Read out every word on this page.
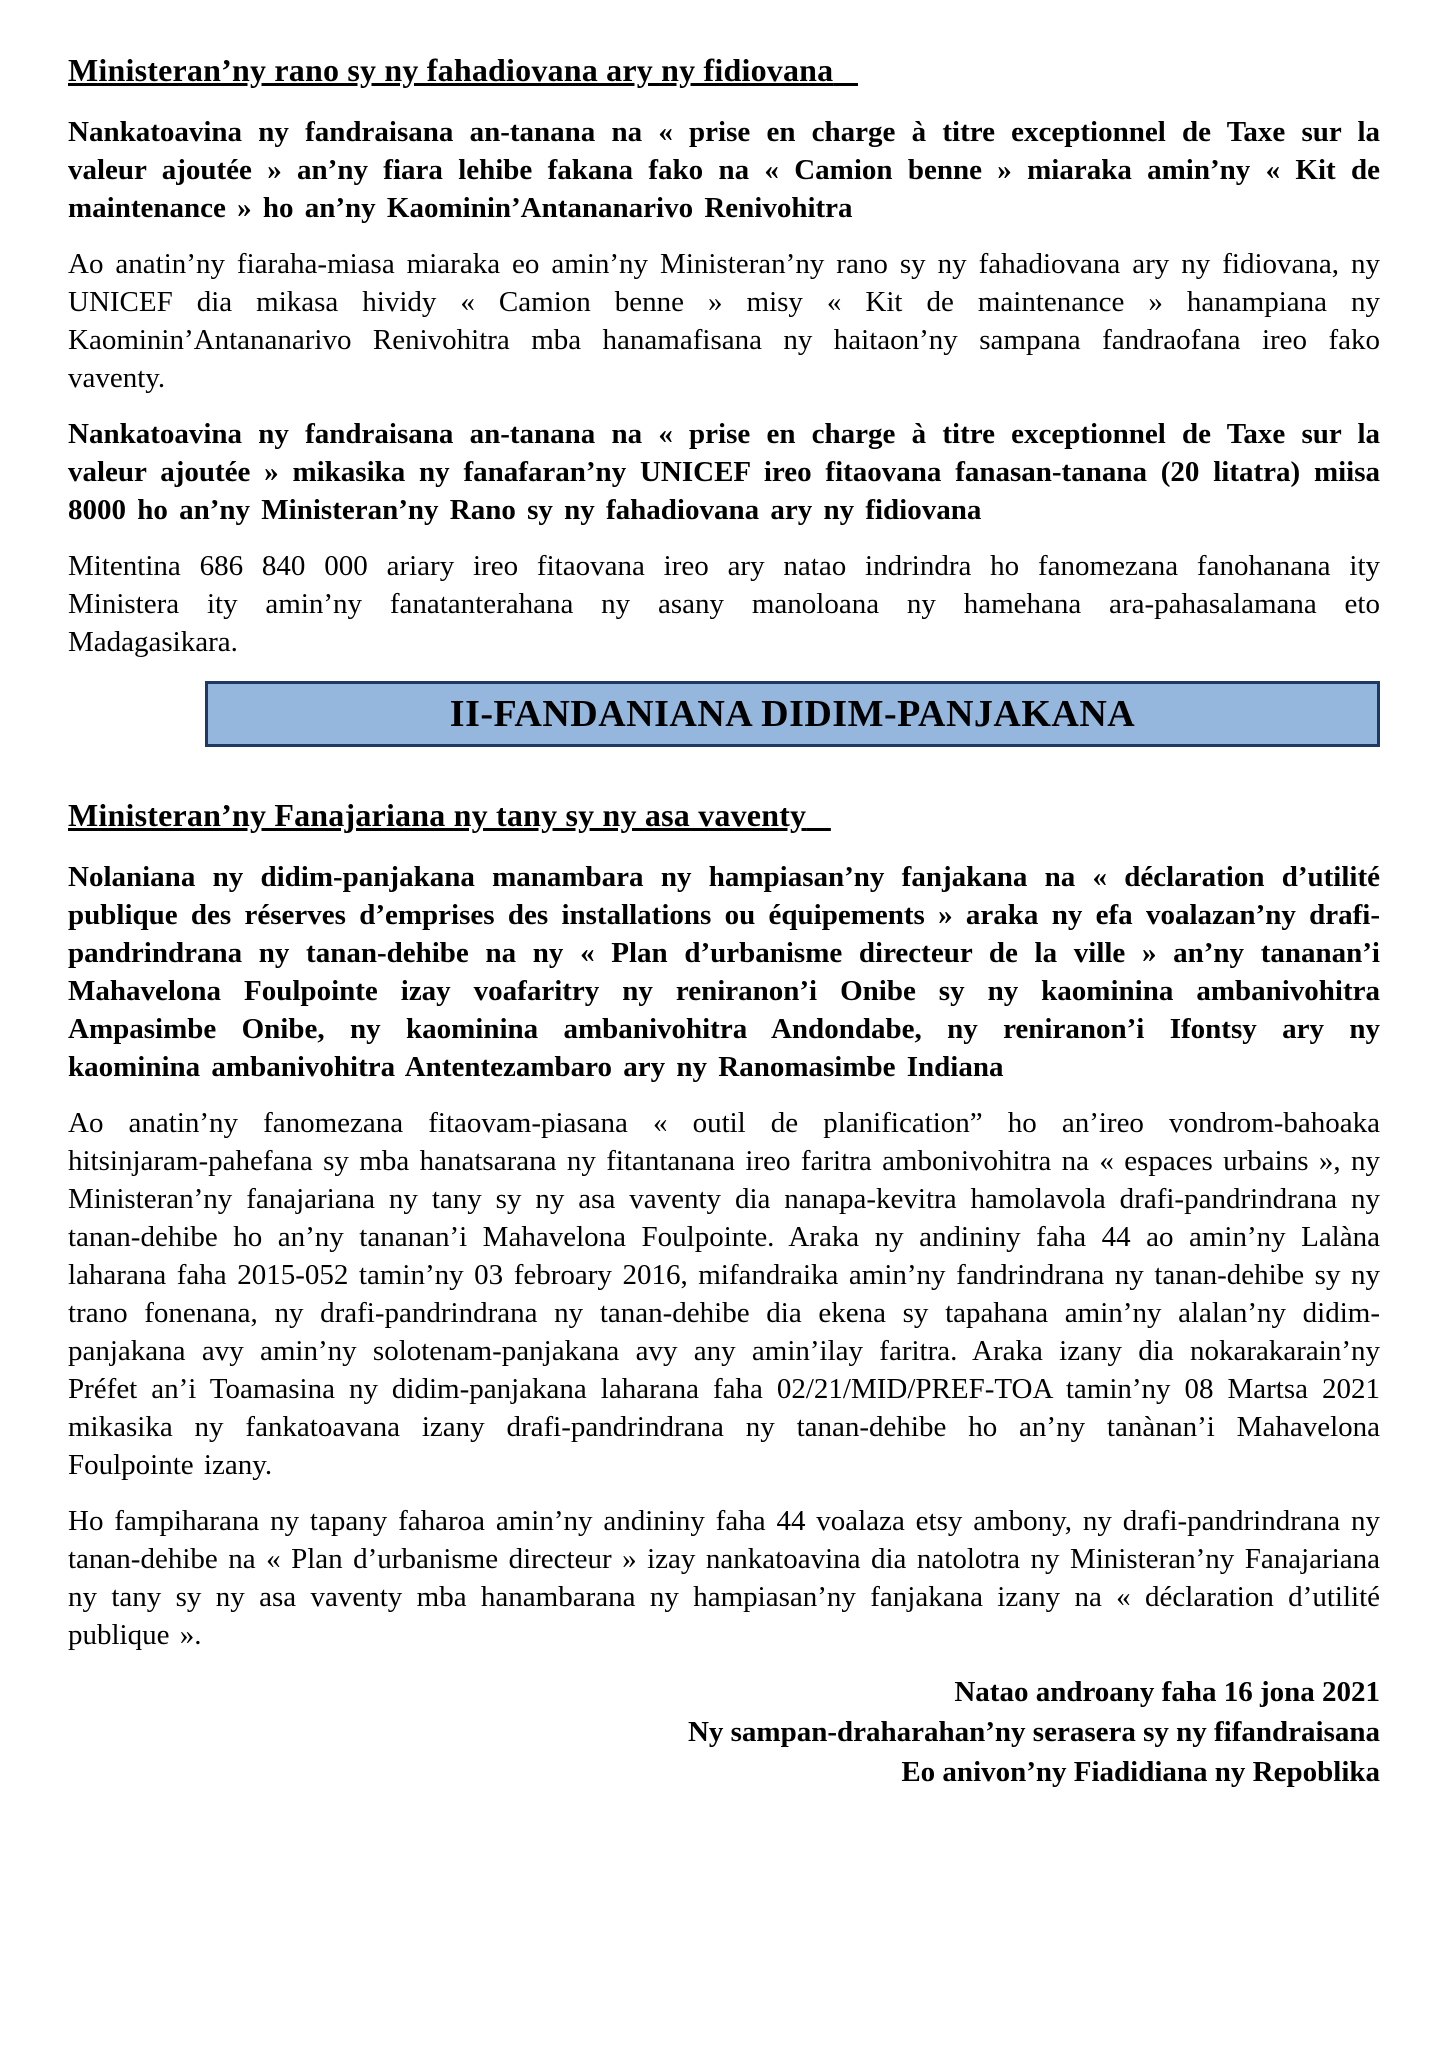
Ministeran’ny rano sy ny fahadiovana ary ny fidiovana

Nankatoavina ny fandraisana an-tanana na « prise en charge à titre exceptionnel de Taxe sur la valeur ajoutée » an’ny fiara lehibe fakana fako na « Camion benne » miaraka amin’ny « Kit de maintenance » ho an’ny Kaominin’Antananarivo Renivohitra

Ao anatin’ny fiaraha-miasa miaraka eo amin’ny Ministeran’ny rano sy ny fahadiovana ary ny fidiovana, ny UNICEF dia mikasa hividy « Camion benne » misy « Kit de maintenance » hanampiana ny Kaominin’Antananarivo Renivohitra mba hanamafisana ny haitaon’ny sampana fandraofana ireo fako vaventy.

Nankatoavina ny fandraisana an-tanana na « prise en charge à titre exceptionnel de Taxe sur la valeur ajoutée » mikasika ny fanafaran’ny UNICEF ireo fitaovana fanasan-tanana (20 litatra) miisa 8000 ho an’ny Ministeran’ny Rano sy ny fahadiovana ary ny fidiovana

Mitentina 686 840 000 ariary ireo fitaovana ireo ary natao indrindra ho fanomezana fanohanana ity Ministera ity amin’ny fanatanterahana ny asany manoloana ny hamehana ara-pahasalamana eto Madagasikara.

II-FANDANIANA DIDIM-PANJAKANA
Ministeran’ny Fanajariana ny tany sy ny asa vaventy

Nolaniana ny didim-panjakana manambara ny hampiasan’ny fanjakana na « déclaration d’utilité publique des réserves d’emprises des installations ou équipements » araka ny efa voalazan’ny drafi-pandrindrana ny tanan-dehibe na ny « Plan d’urbanisme directeur de la ville » an’ny tananan’i Mahavelona Foulpointe izay voafaritry ny reniranon’i Onibe sy ny kaominina ambanivohitra Ampasimbe Onibe, ny kaominina ambanivohitra Andondabe, ny reniranon’i Ifontsy ary ny kaominina ambanivohitra Antentezambaro ary ny Ranomasimbe Indiana

Ao anatin’ny fanomezana fitaovam-piasana « outil de planification” ho an’ireo vondrom-bahoaka hitsinjaram-pahefana sy mba hanatsarana ny fitantanana ireo faritra ambonivohitra na « espaces urbains », ny Ministeran’ny fanajariana ny tany sy ny asa vaventy dia nanapa-kevitra hamolavola drafi-pandrindrana ny tanan-dehibe ho an’ny tananan’i Mahavelona Foulpointe. Araka ny andininy faha 44 ao amin’ny Lalàna laharana faha 2015-052 tamin’ny 03 febroary 2016, mifandraika amin’ny fandrindrana ny tanan-dehibe sy ny trano fonenana, ny drafi-pandrindrana ny tanan-dehibe dia ekena sy tapahana amin’ny alalan’ny didim-panjakana avy amin’ny solotenam-panjakana avy any amin’ilay faritra. Araka izany dia nokarakarain’ny Préfet an’i Toamasina ny didim-panjakana laharana faha 02/21/MID/PREF-TOA tamin’ny 08 Martsa 2021 mikasika ny fankatoavana izany drafi-pandrindrana ny tanan-dehibe ho an’ny tanànan’i Mahavelona Foulpointe izany.

Ho fampiharana ny tapany faharoa amin’ny andininy faha 44 voalaza etsy ambony, ny drafi-pandrindrana ny tanan-dehibe na « Plan d’urbanisme directeur » izay nankatoavina dia natolotra ny Ministeran’ny Fanajariana ny tany sy ny asa vaventy mba hanambarana ny hampiasan’ny fanjakana izany na « déclaration d’utilité publique ».

Natao androany faha 16 jona 2021
Ny sampan-draharahan’ny serasera sy ny fifandraisana
Eo anivon’ny Fiadidiana ny Repoblika
